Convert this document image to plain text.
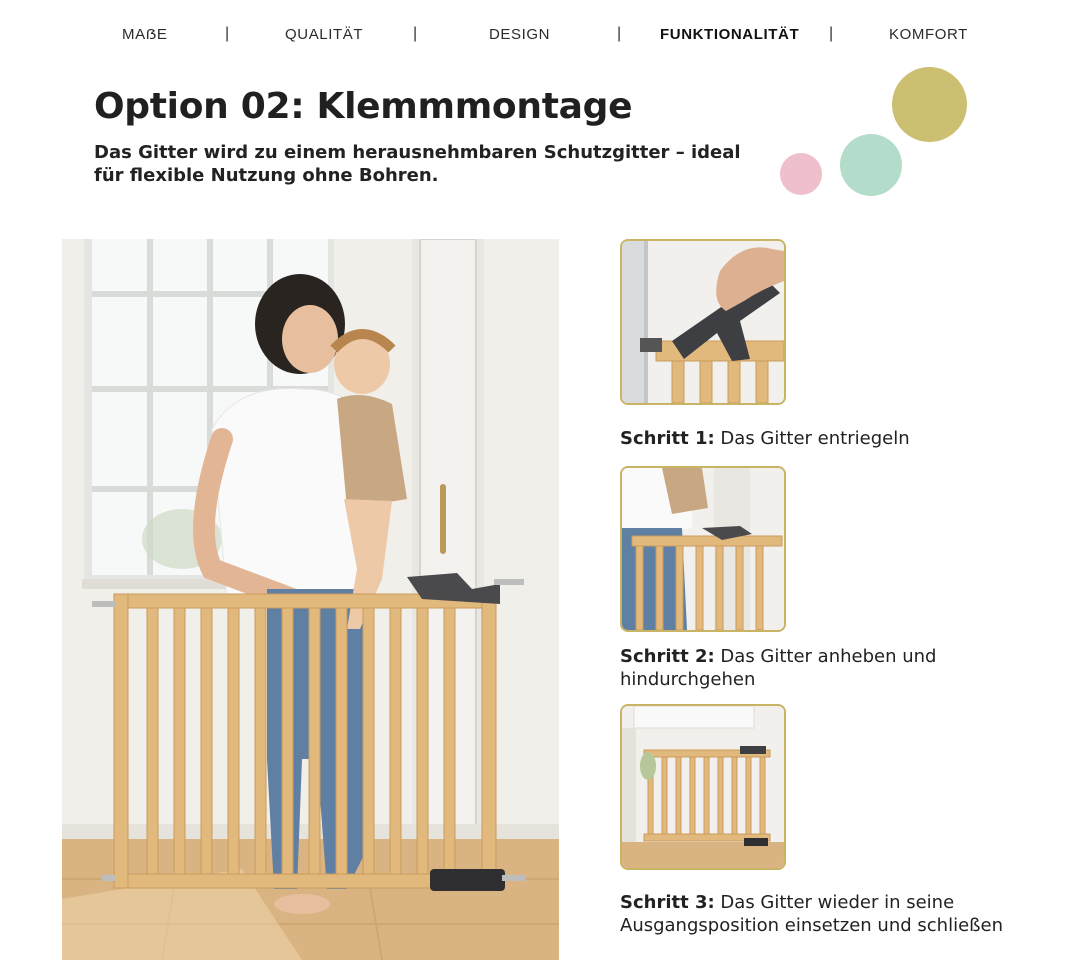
MAẞE	|	QUALITÄT	|	DESIGN	|	FUNKTIONALITÄT |	KOMFORT
Option 02: Klemmmontage

Das Gitter wird zu einem herausnehmbaren Schutzgitter – ideal für flexible Nutzung ohne Bohren.

Schritt 1: Das Gitter entriegeln

Schritt 2: Das Gitter anheben und hindurchgehen

Schritt 3: Das Gitter wieder in seine Ausgangsposition einsetzen und schließen
